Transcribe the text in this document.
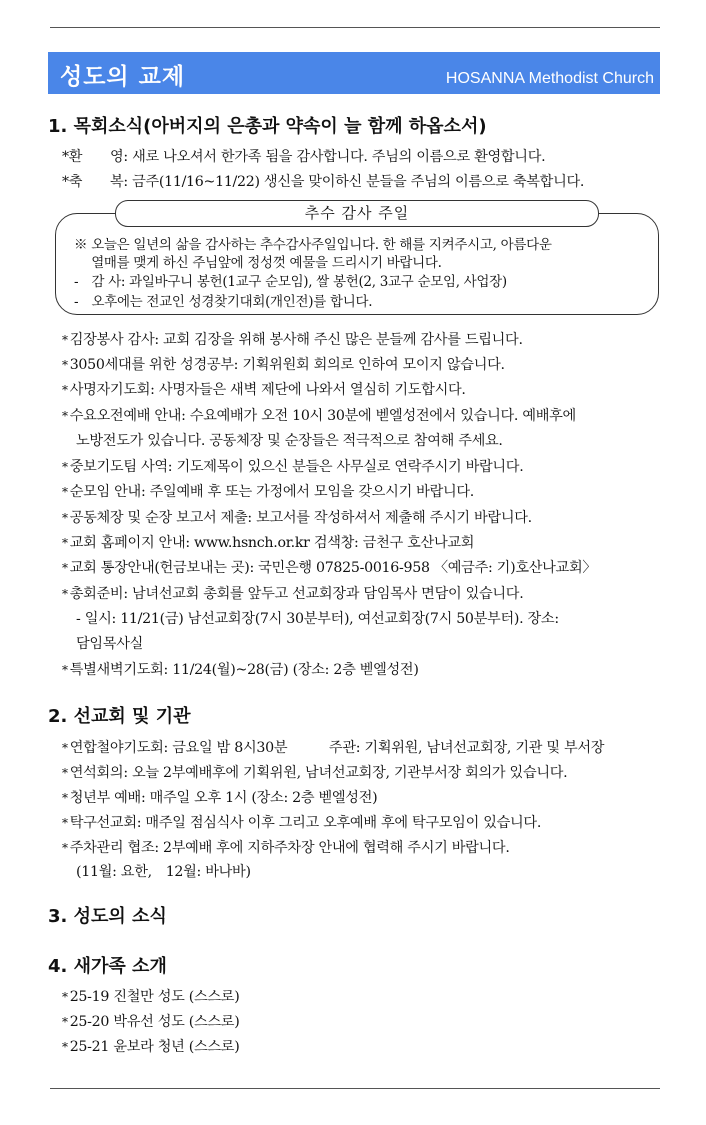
성도의 교제	HOSANNA Methodist Church
1. 목회소식(아버지의 은총과 약속이 늘 함께 하옵소서)
*환　　영: 새로 나오셔서 한가족 됨을 감사합니다. 주님의 이름으로 환영합니다.
*축　　복: 금주(11/16~11/22) 생신을 맞이하신 분들을 주님의 이름으로 축복합니다.
추수 감사 주일
※ 오늘은 일년의 삶을 감사하는 추수감사주일입니다. 한 해를 지켜주시고, 아름다운
　 열매를 맺게 하신 주님앞에 정성껏 예물을 드리시기 바랍니다.
-　감 사: 과일바구니 봉헌(1교구 순모임), 쌀 봉헌(2, 3교구 순모임, 사업장)
-　오후에는 전교인 성경찾기대회(개인전)를 합니다.
* 김장봉사 감사: 교회 김장을 위해 봉사해 주신 많은 분들께 감사를 드립니다.
* 3050세대를 위한 성경공부: 기획위원회 회의로 인하여 모이지 않습니다.
* 사명자기도회: 사명자들은 새벽 제단에 나와서 열심히 기도합시다.
* 수요오전예배 안내: 수요예배가 오전 10시 30분에 벧엘성전에서 있습니다. 예배후에
노방전도가 있습니다. 공동체장 및 순장들은 적극적으로 참여해 주세요.
* 중보기도팀 사역: 기도제목이 있으신 분들은 사무실로 연락주시기 바랍니다.
* 순모임 안내: 주일예배 후 또는 가정에서 모임을 갖으시기 바랍니다.
* 공동체장 및 순장 보고서 제출: 보고서를 작성하셔서 제출해 주시기 바랍니다.
* 교회 홈페이지 안내: www.hsnch.or.kr 검색창: 금천구 호산나교회
* 교회 통장안내(헌금보내는 곳): 국민은행 07825-0016-958 〈예금주: 기)호산나교회〉
* 총회준비: 남녀선교회 총회를 앞두고 선교회장과 담임목사 면담이 있습니다.
- 일시: 11/21(금) 남선교회장(7시 30분부터), 여선교회장(7시 50분부터). 장소:
담임목사실
* 특별새벽기도회: 11/24(월)~28(금) (장소: 2층 벧엘성전)
2. 선교회 및 기관
* 연합철야기도회: 금요일 밤 8시30분　　　주관: 기획위원, 남녀선교회장, 기관 및 부서장
* 연석회의: 오늘 2부예배후에 기획위원, 남녀선교회장, 기관부서장 회의가 있습니다.
* 청년부 예배: 매주일 오후 1시 (장소: 2층 벧엘성전)
* 탁구선교회: 매주일 점심식사 이후 그리고 오후예배 후에 탁구모임이 있습니다.
* 주차관리 협조: 2부예배 후에 지하주차장 안내에 협력해 주시기 바랍니다.
(11월: 요한,　12월: 바나바)
3. 성도의 소식
4. 새가족 소개
* 25-19 진철만 성도 (스스로)
* 25-20 박유선 성도 (스스로)
* 25-21 윤보라 청년 (스스로)
